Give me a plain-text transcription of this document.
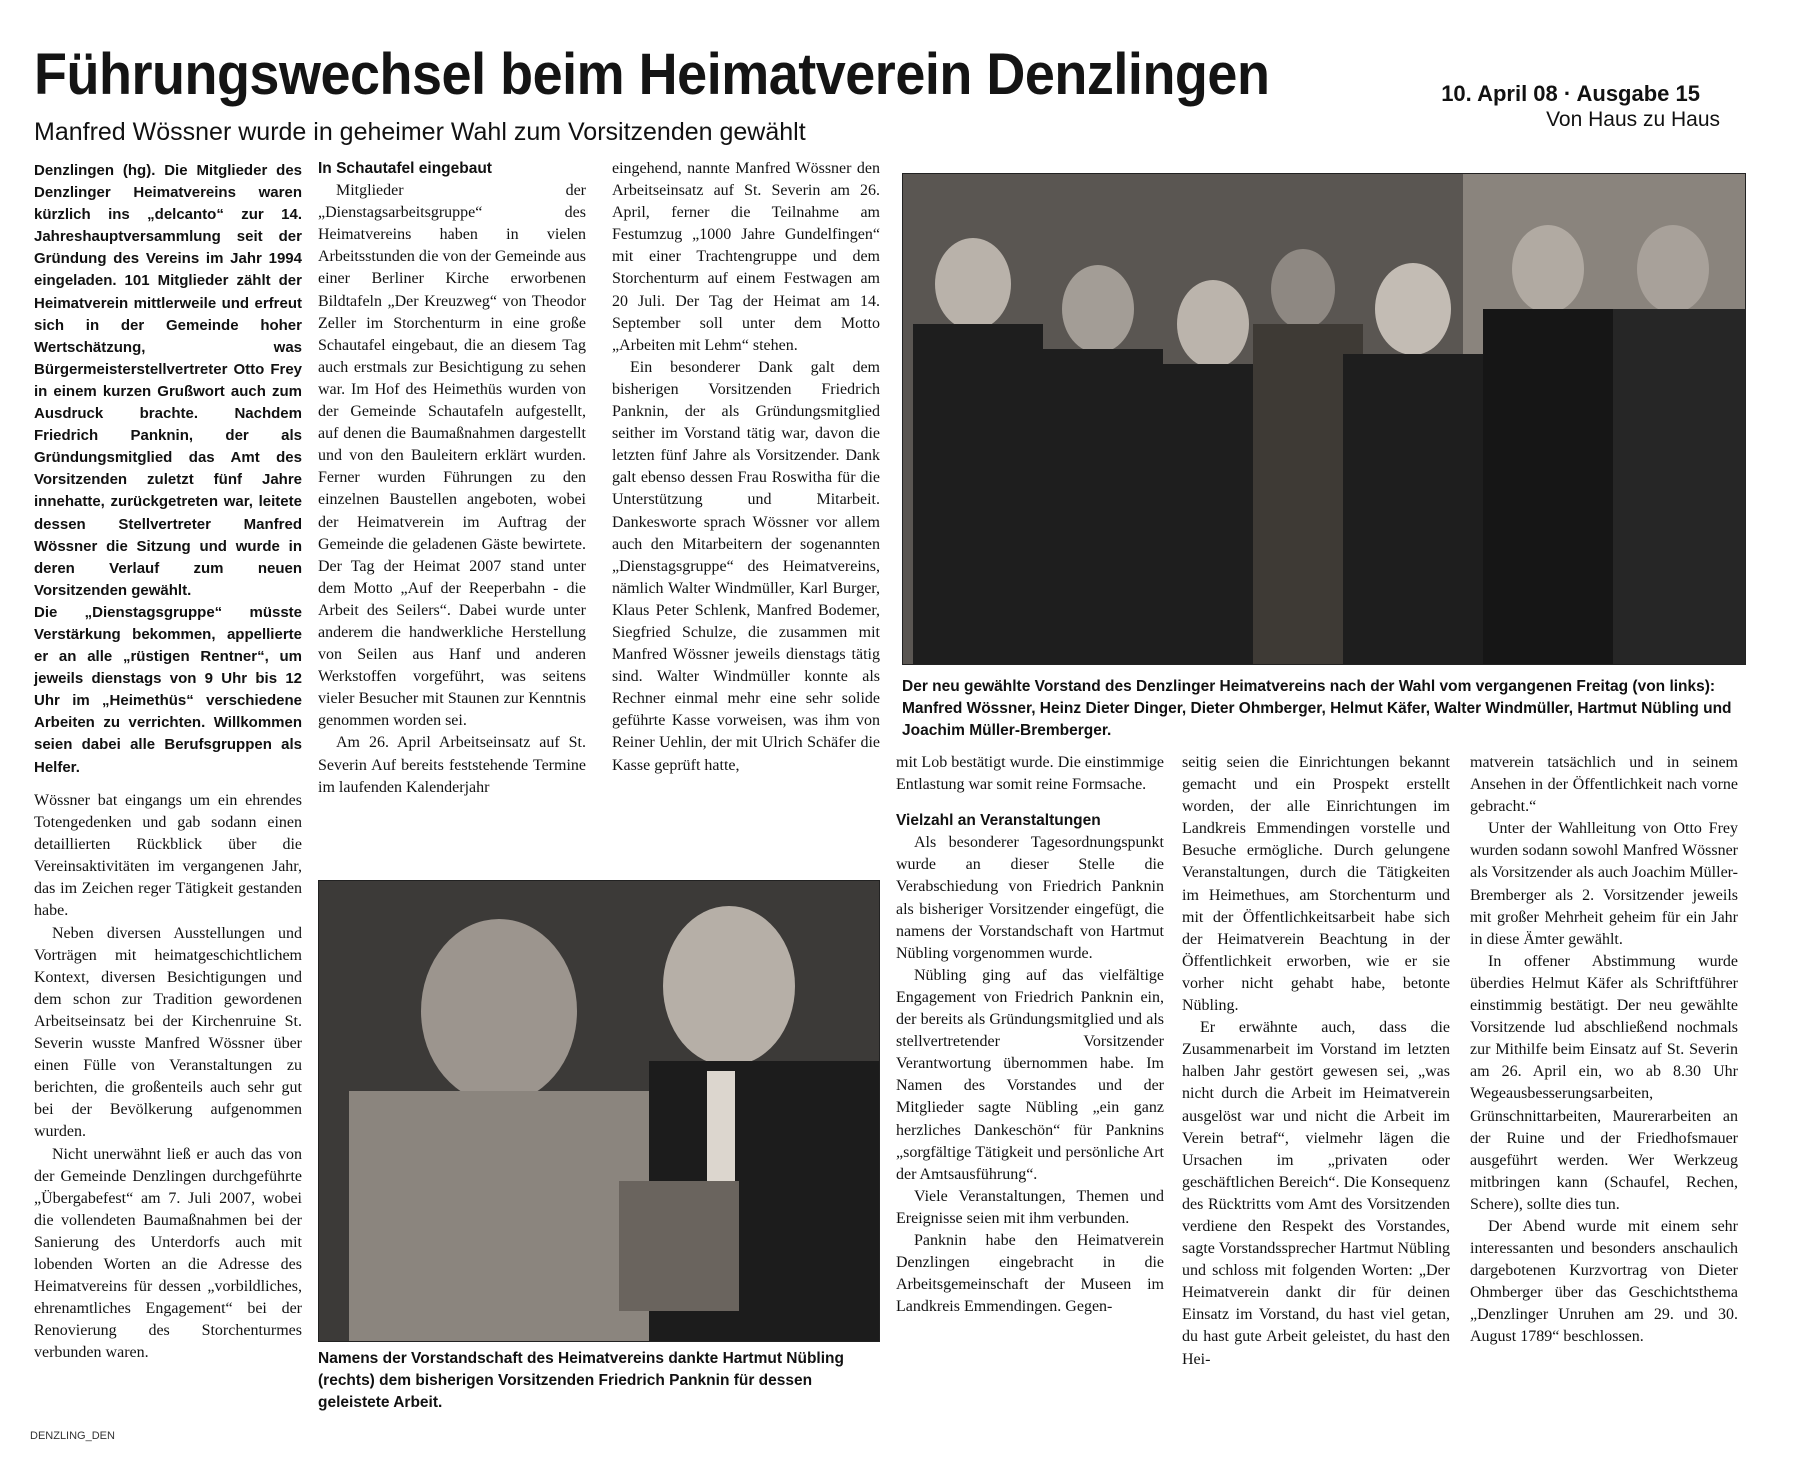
Führungswechsel beim Heimatverein Denzlingen
Manfred Wössner wurde in geheimer Wahl zum Vorsitzenden gewählt
10. April 08 · Ausgabe 15
Von Haus zu Haus

Denzlingen (hg). Die Mitglieder des Denzlinger Heimatvereins waren kürzlich ins „delcanto“ zur 14. Jahreshauptversammlung seit der Gründung des Vereins im Jahr 1994 eingeladen. 101 Mitglieder zählt der Heimatverein mittlerweile und erfreut sich in der Gemeinde hoher Wertschätzung, was Bürgermeisterstellvertreter Otto Frey in einem kurzen Grußwort auch zum Ausdruck brachte. Nachdem Friedrich Panknin, der als Gründungsmitglied das Amt des Vorsitzenden zuletzt fünf Jahre innehatte, zurückgetreten war, leitete dessen Stellvertreter Manfred Wössner die Sitzung und wurde in deren Verlauf zum neuen Vorsitzenden gewählt.

Die „Dienstagsgruppe“ müsste Verstärkung bekommen, appellierte er an alle „rüstigen Rentner“, um jeweils dienstags von 9 Uhr bis 12 Uhr im „Heimethüs“ verschiedene Arbeiten zu verrichten. Willkommen seien dabei alle Berufsgruppen als Helfer.

Wössner bat eingangs um ein ehrendes Totengedenken und gab sodann einen detaillierten Rückblick über die Vereinsaktivitäten im vergangenen Jahr, das im Zeichen reger Tätigkeit gestanden habe.

Neben diversen Ausstellungen und Vorträgen mit heimatgeschichtlichem Kontext, diversen Besichtigungen und dem schon zur Tradition gewordenen Arbeitseinsatz bei der Kirchenruine St. Severin wusste Manfred Wössner über einen Fülle von Veranstaltungen zu berichten, die großenteils auch sehr gut bei der Bevölkerung aufgenommen wurden.

Nicht unerwähnt ließ er auch das von der Gemeinde Denzlingen durchgeführte „Übergabefest“ am 7. Juli 2007, wobei die vollendeten Baumaßnahmen bei der Sanierung des Unterdorfs auch mit lobenden Worten an die Adresse des Heimatvereins für dessen „vorbildliches, ehrenamtliches Engagement“ bei der Renovierung des Storchenturmes verbunden waren.

In Schautafel eingebaut

Mitglieder der „Dienstagsarbeitsgruppe“ des Heimatvereins haben in vielen Arbeitsstunden die von der Gemeinde aus einer Berliner Kirche erworbenen Bildtafeln „Der Kreuzweg“ von Theodor Zeller im Storchenturm in eine große Schautafel eingebaut, die an diesem Tag auch erstmals zur Besichtigung zu sehen war. Im Hof des Heimethüs wurden von der Gemeinde Schautafeln aufgestellt, auf denen die Baumaßnahmen dargestellt und von den Bauleitern erklärt wurden. Ferner wurden Führungen zu den einzelnen Baustellen angeboten, wobei der Heimatverein im Auftrag der Gemeinde die geladenen Gäste bewirtete. Der Tag der Heimat 2007 stand unter dem Motto „Auf der Reeperbahn - die Arbeit des Seilers“. Dabei wurde unter anderem die handwerkliche Herstellung von Seilen aus Hanf und anderen Werkstoffen vorgeführt, was seitens vieler Besucher mit Staunen zur Kenntnis genommen worden sei.

Am 26. April Arbeitseinsatz auf St. Severin Auf bereits feststehende Termine im laufenden Kalenderjahr

eingehend, nannte Manfred Wössner den Arbeitseinsatz auf St. Severin am 26. April, ferner die Teilnahme am Festumzug „1000 Jahre Gundelfingen“ mit einer Trachtengruppe und dem Storchenturm auf einem Festwagen am 20 Juli. Der Tag der Heimat am 14. September soll unter dem Motto „Arbeiten mit Lehm“ stehen.

Ein besonderer Dank galt dem bisherigen Vorsitzenden Friedrich Panknin, der als Gründungsmitglied seither im Vorstand tätig war, davon die letzten fünf Jahre als Vorsitzender. Dank galt ebenso dessen Frau Roswitha für die Unterstützung und Mitarbeit. Dankesworte sprach Wössner vor allem auch den Mitarbeitern der sogenannten „Dienstagsgruppe“ des Heimatvereins, nämlich Walter Windmüller, Karl Burger, Klaus Peter Schlenk, Manfred Bodemer, Siegfried Schulze, die zusammen mit Manfred Wössner jeweils dienstags tätig sind. Walter Windmüller konnte als Rechner einmal mehr eine sehr solide geführte Kasse vorweisen, was ihm von Reiner Uehlin, der mit Ulrich Schäfer die Kasse geprüft hatte,

Der neu gewählte Vorstand des Denzlinger Heimatvereins nach der Wahl vom vergangenen Freitag (von links): Manfred Wössner, Heinz Dieter Dinger, Dieter Ohmberger, Helmut Käfer, Walter Windmüller, Hartmut Nübling und Joachim Müller-Bremberger.
Namens der Vorstandschaft des Heimatvereins dankte Hartmut Nübling (rechts) dem bisherigen Vorsitzenden Friedrich Panknin für dessen geleistete Arbeit.

mit Lob bestätigt wurde. Die einstimmige Entlastung war somit reine Formsache.

Vielzahl an Veranstaltungen

Als besonderer Tagesordnungspunkt wurde an dieser Stelle die Verabschiedung von Friedrich Panknin als bisheriger Vorsitzender eingefügt, die namens der Vorstandschaft von Hartmut Nübling vorgenommen wurde.

Nübling ging auf das vielfältige Engagement von Friedrich Panknin ein, der bereits als Gründungsmitglied und als stellvertretender Vorsitzender Verantwortung übernommen habe. Im Namen des Vorstandes und der Mitglieder sagte Nübling „ein ganz herzliches Dankeschön“ für Panknins „sorgfältige Tätigkeit und persönliche Art der Amtsausführung“.

Viele Veranstaltungen, Themen und Ereignisse seien mit ihm verbunden.

Panknin habe den Heimatverein Denzlingen eingebracht in die Arbeitsgemeinschaft der Museen im Landkreis Emmendingen. Gegen-

seitig seien die Einrichtungen bekannt gemacht und ein Prospekt erstellt worden, der alle Einrichtungen im Landkreis Emmendingen vorstelle und Besuche ermögliche. Durch gelungene Veranstaltungen, durch die Tätigkeiten im Heimethues, am Storchenturm und mit der Öffentlichkeitsarbeit habe sich der Heimatverein Beachtung in der Öffentlichkeit erworben, wie er sie vorher nicht gehabt habe, betonte Nübling.

Er erwähnte auch, dass die Zusammenarbeit im Vorstand im letzten halben Jahr gestört gewesen sei, „was nicht durch die Arbeit im Heimatverein ausgelöst war und nicht die Arbeit im Verein betraf“, vielmehr lägen die Ursachen im „privaten oder geschäftlichen Bereich“. Die Konsequenz des Rücktritts vom Amt des Vorsitzenden verdiene den Respekt des Vorstandes, sagte Vorstandssprecher Hartmut Nübling und schloss mit folgenden Worten: „Der Heimatverein dankt dir für deinen Einsatz im Vorstand, du hast viel getan, du hast gute Arbeit geleistet, du hast den Hei-

matverein tatsächlich und in seinem Ansehen in der Öffentlichkeit nach vorne gebracht.“

Unter der Wahlleitung von Otto Frey wurden sodann sowohl Manfred Wössner als Vorsitzender als auch Joachim Müller-Bremberger als 2. Vorsitzender jeweils mit großer Mehrheit geheim für ein Jahr in diese Ämter gewählt.

In offener Abstimmung wurde überdies Helmut Käfer als Schriftführer einstimmig bestätigt. Der neu gewählte Vorsitzende lud abschließend nochmals zur Mithilfe beim Einsatz auf St. Severin am 26. April ein, wo ab 8.30 Uhr Wegeausbesserungsarbeiten, Grünschnittarbeiten, Maurerarbeiten an der Ruine und der Friedhofsmauer ausgeführt werden. Wer Werkzeug mitbringen kann (Schaufel, Rechen, Schere), sollte dies tun.

Der Abend wurde mit einem sehr interessanten und besonders anschaulich dargebotenen Kurzvortrag von Dieter Ohmberger über das Geschichtsthema „Denzlinger Unruhen am 29. und 30. August 1789“ beschlossen.

DENZLING_DEN
